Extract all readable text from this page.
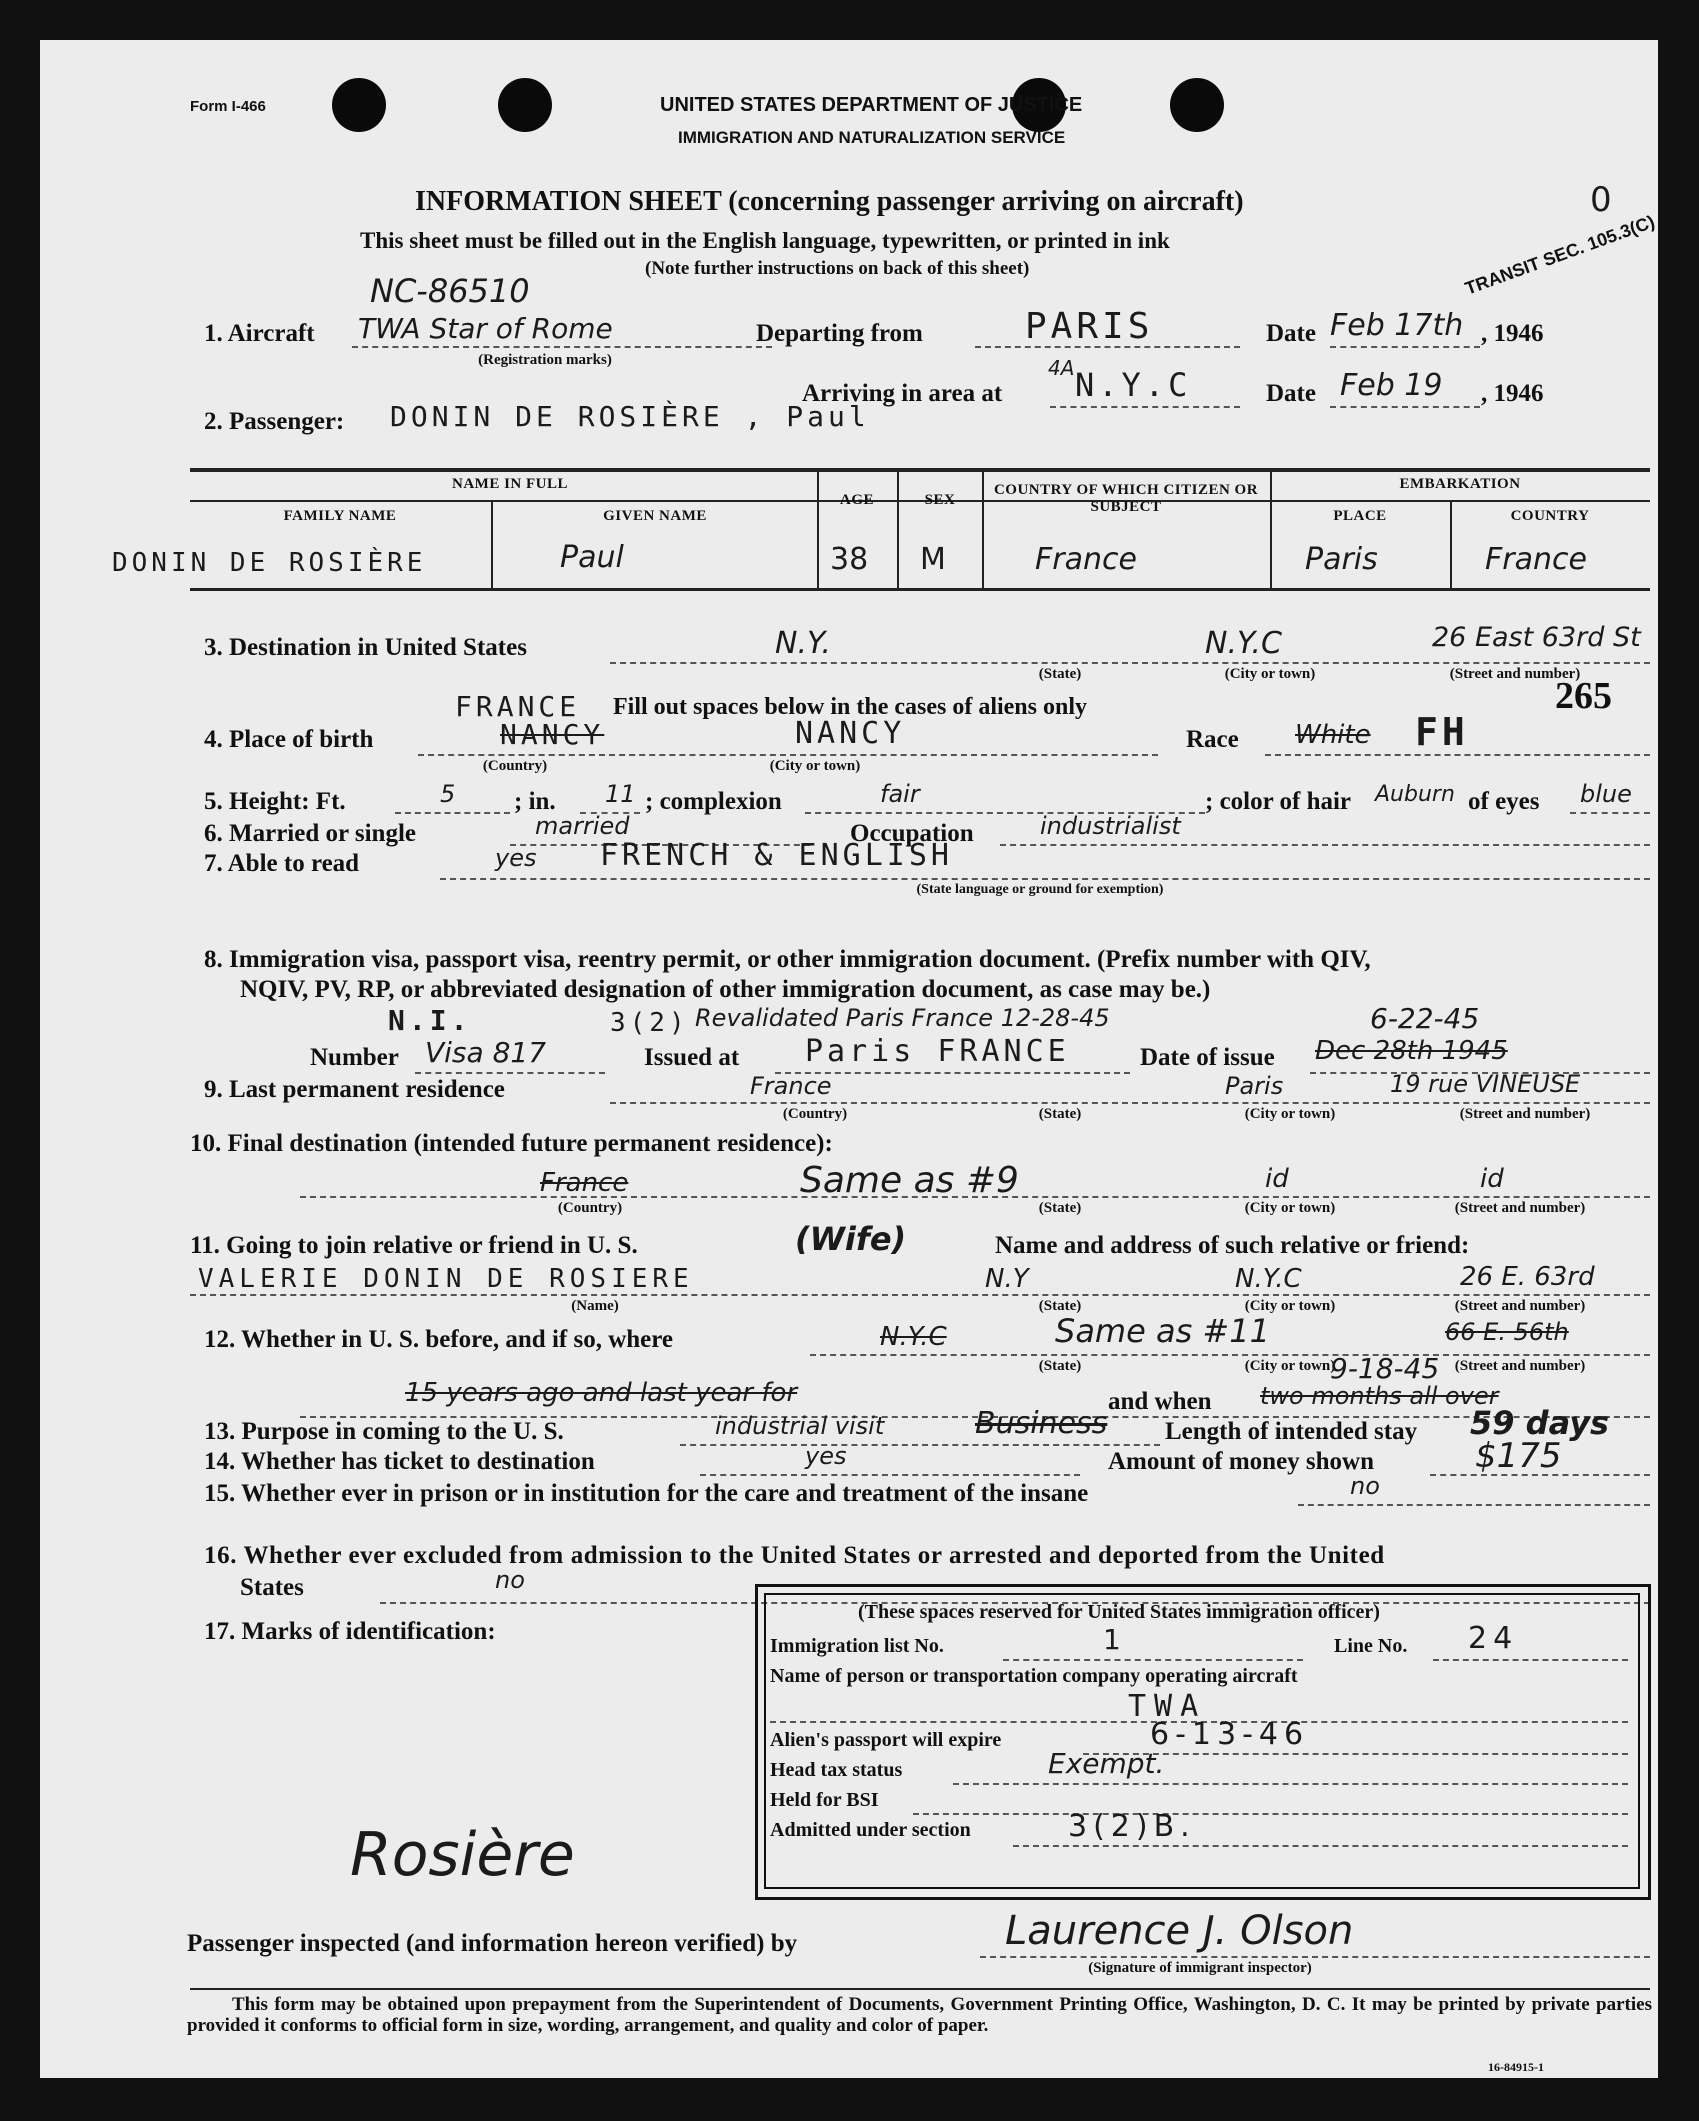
Form I-466	UNITED STATES DEPARTMENT OF JUSTICE
IMMIGRATION AND NATURALIZATION SERVICE
INFORMATION SHEET (concerning passenger arriving on aircraft)
This sheet must be filled out in the English language, typewritten, or printed in ink
(Note further instructions on back of this sheet)	TRANSIT SEC. 105.3(C)
0
NC-86510
1. Aircraft TWA Star of Rome
(Registration marks)
Departing from	PARIS	Date Feb 17th , 1946
4A
Arriving in area at N.Y.C	Date Feb 19 , 1946
2. Passenger: DONIN DE ROSIÈRE , Paul
NAME IN FULL
FAMILY NAME	GIVEN NAME
AGE	SEX
COUNTRY OF WHICH CITIZEN OR SUBJECT
EMBARKATION
PLACE	COUNTRY
DONIN DE ROSIÈRE	Paul	38 M	France	Paris	France
3. Destination in United States	N.Y.	N.Y.C	26 East 63rd St
(State)	(City or town)	(Street and number)
Fill out spaces below in the cases of aliens only
FRANCE
4. Place of birth	NANCY	NANCY
(Country)	(City or town)
Race White FH
265
5. Height: Ft.	5 ; in. 11 ; complexion	fair	; color of hair Auburn of eyes blue
6. Married or single	married	Occupation	industrialist
7. Able to read	yes FRENCH & ENGLISH
(State language or ground for exemption)
8. Immigration visa, passport visa, reentry permit, or other immigration document. (Prefix number with QIV,
NQIV, PV, RP, or abbreviated designation of other immigration document, as case may be.)
N.I.	3(2) Revalidated Paris France 12-28-45	6-22-45
Number Visa 817	Issued at Paris FRANCE	Date of issue Dec 28th 1945
9. Last permanent residence	France	Paris	19 rue VINEUSE
(Country)	(State)	(City or town)	(Street and number)
10. Final destination (intended future permanent residence):
France	Same as #9	id	id
(Country)	(State)	(City or town)	(Street and number)
11. Going to join relative or friend in U. S.	(Wife)	Name and address of such relative or friend:
VALERIE DONIN DE ROSIERE	N.Y	N.Y.C	26 E. 63rd
(Name)	(State)	(City or town)	(Street and number)
12. Whether in U. S. before, and if so, where	N.Y.C	Same as #11	66 E. 56th
(State)	(City or town)	(Street and number)
15 years ago and last year for	and when two months all over
9-18-45
13. Purpose in coming to the U. S.	industrial visit	Business Length of intended stay 59 days
14. Whether has ticket to destination	yes	Amount of money shown	$175
15. Whether ever in prison or in institution for the care and treatment of the insane	no
16. Whether ever excluded from admission to the United States or arrested and deported from the United
States	no
17. Marks of identification:
(These spaces reserved for United States immigration officer)
Immigration list No.	1	Line No. 24
Name of person or transportation company operating aircraft
TWA
Alien's passport will expire	6-13-46
Head tax status	Exempt.
Held for BSI
Admitted under section	3(2)B.
Rosière
Passenger inspected (and information hereon verified) by	Laurence J. Olson
(Signature of immigrant inspector)
This form may be obtained upon prepayment from the Superintendent of Documents, Government Printing Office, Washington, D. C. It may be printed by private parties provided it conforms to official form in size, wording, arrangement, and quality and color of paper.
16-84915-1
